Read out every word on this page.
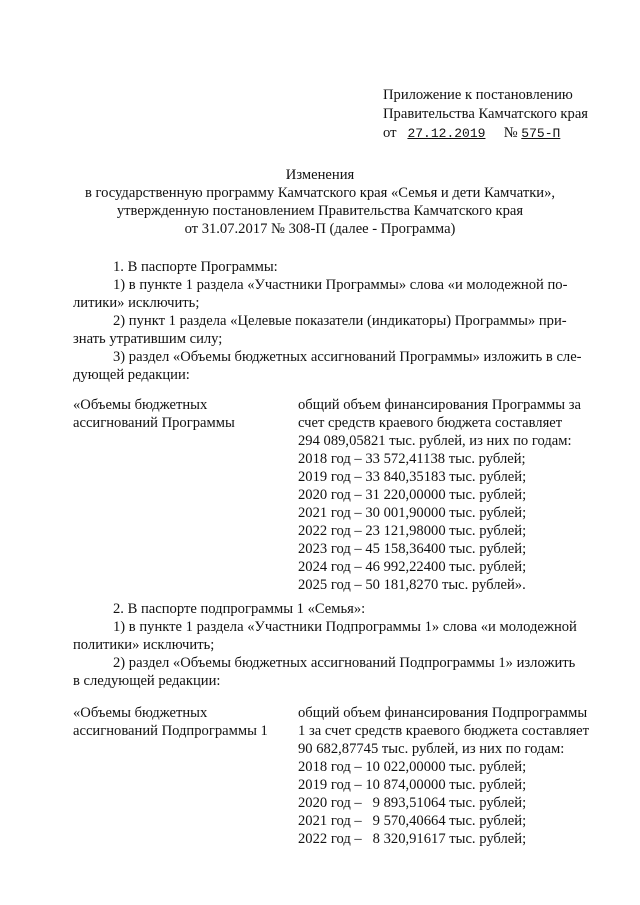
Приложение к постановлению
Правительства Камчатского края
от 27.12.2019 № 575-П
Изменения
в государственную программу Камчатского края «Семья и дети Камчатки»,
утвержденную постановлением Правительства Камчатского края
от 31.07.2017 № 308-П (далее - Программа)
1. В паспорте Программы:
1) в пункте 1 раздела «Участники Программы» слова «и молодежной по-
литики» исключить;
2) пункт 1 раздела «Целевые показатели (индикаторы) Программы» при-
знать утратившим силу;
3) раздел «Объемы бюджетных ассигнований Программы» изложить в сле-
дующей редакции:
«Объемы бюджетных
ассигнований Программы
общий объем финансирования Программы за
счет средств краевого бюджета составляет
294 089,05821 тыс. рублей, из них по годам:
2018 год – 33 572,41138 тыс. рублей;
2019 год – 33 840,35183 тыс. рублей;
2020 год – 31 220,00000 тыс. рублей;
2021 год – 30 001,90000 тыс. рублей;
2022 год – 23 121,98000 тыс. рублей;
2023 год – 45 158,36400 тыс. рублей;
2024 год – 46 992,22400 тыс. рублей;
2025 год – 50 181,8270 тыс. рублей».
2. В паспорте подпрограммы 1 «Семья»:
1) в пункте 1 раздела «Участники Подпрограммы 1» слова «и молодежной
политики» исключить;
2) раздел «Объемы бюджетных ассигнований Подпрограммы 1» изложить
в следующей редакции:
«Объемы бюджетных
ассигнований Подпрограммы 1
общий объем финансирования Подпрограммы
1 за счет средств краевого бюджета составляет
90 682,87745 тыс. рублей, из них по годам:
2018 год – 10 022,00000 тыс. рублей;
2019 год – 10 874,00000 тыс. рублей;
2020 год –   9 893,51064 тыс. рублей;
2021 год –   9 570,40664 тыс. рублей;
2022 год –   8 320,91617 тыс. рублей;
